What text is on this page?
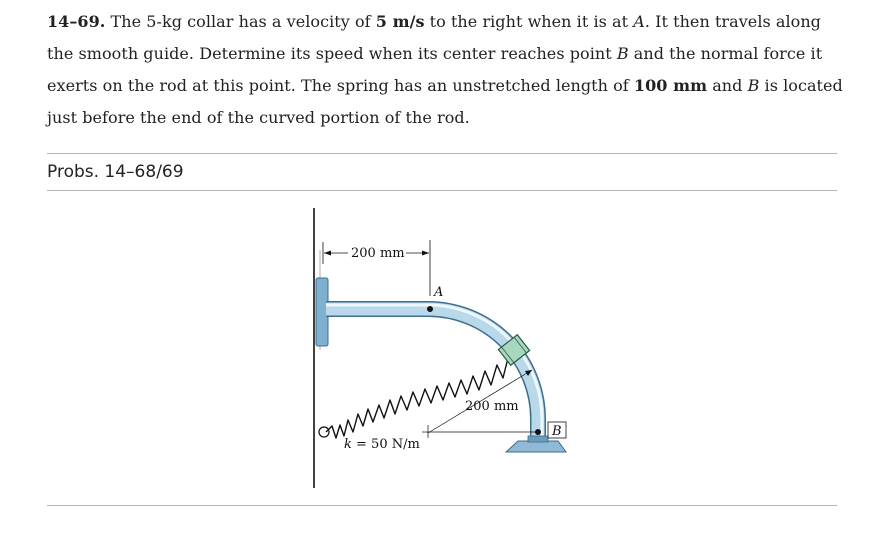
14–69. The 5-kg collar has a velocity of 5 m/s to the right when it is at A. It then travels along the smooth guide. Determine its speed when its center reaches point B and the normal force it exerts on the rod at this point. The spring has an unstretched length of 100 mm and B is located just before the end of the curved portion of the rod.
Probs. 14–68/69
A
200 mm
200 mm
B
k = 50 N/m
